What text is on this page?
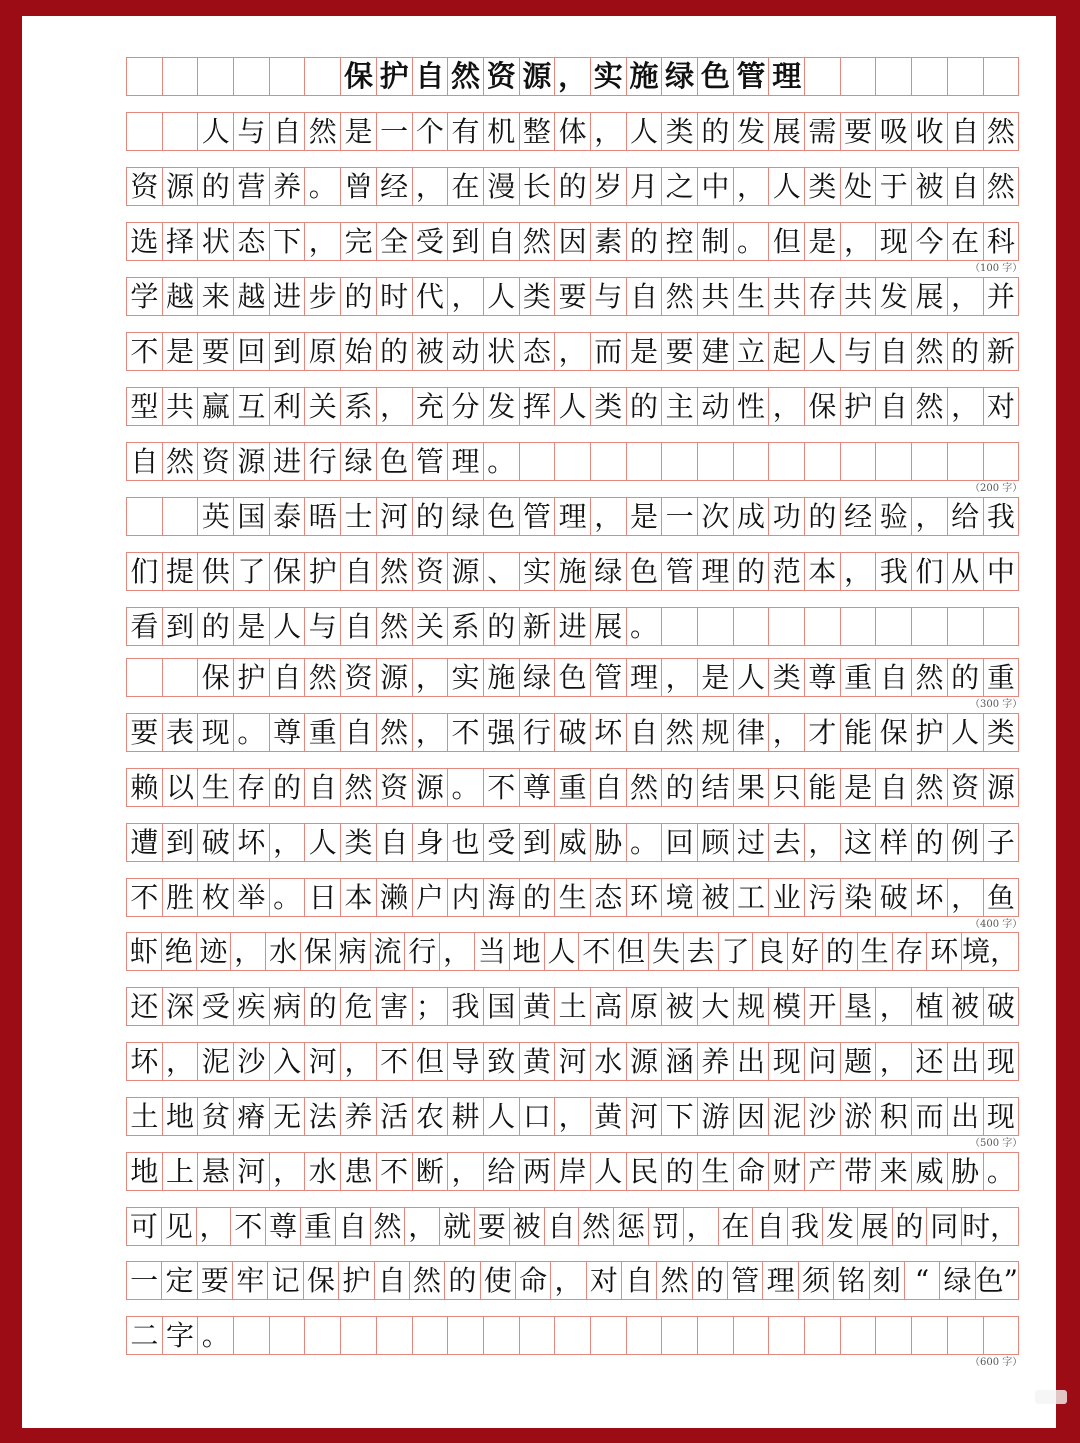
保 护 自 然 资 源 ， 实 施 绿 色 管 理
人 与 自 然 是 一 个 有 机 整 体 ， 人 类 的 发 展 需 要 吸 收 自 然
资 源 的 营 养 。 曾 经 ， 在 漫 长 的 岁 月 之 中 ， 人 类 处 于 被 自 然
选 择 状 态 下 ， 完 全 受 到 自 然 因 素 的 控 制 。 但 是 ， 现 今 在 科
学 越 来 越 进 步 的 时 代 ， 人 类 要 与 自 然 共 生 共 存 共 发 展 ， 并
不 是 要 回 到 原 始 的 被 动 状 态 ， 而 是 要 建 立 起 人 与 自 然 的 新
型 共 赢 互 利 关 系 ， 充 分 发 挥 人 类 的 主 动 性 ， 保 护 自 然 ， 对
自 然 资 源 进 行 绿 色 管 理 。
英 国 泰 晤 士 河 的 绿 色 管 理 ， 是 一 次 成 功 的 经 验 ， 给 我
们 提 供 了 保 护 自 然 资 源 、 实 施 绿 色 管 理 的 范 本 ， 我 们 从 中
看 到 的 是 人 与 自 然 关 系 的 新 进 展 。
保 护 自 然 资 源 ， 实 施 绿 色 管 理 ， 是 人 类 尊 重 自 然 的 重
要 表 现 。 尊 重 自 然 ， 不 强 行 破 坏 自 然 规 律 ， 才 能 保 护 人 类
赖 以 生 存 的 自 然 资 源 。 不 尊 重 自 然 的 结 果 只 能 是 自 然 资 源
遭 到 破 坏 ， 人 类 自 身 也 受 到 威 胁 。 回 顾 过 去 ， 这 样 的 例 子
不 胜 枚 举 。 日 本 濑 户 内 海 的 生 态 环 境 被 工 业 污 染 破 坏 ， 鱼
虾 绝 迹 ， 水 保 病 流 行 ， 当 地 人 不 但 失 去 了 良 好 的 生 存 环 境，
还 深 受 疾 病 的 危 害 ； 我 国 黄 土 高 原 被 大 规 模 开 垦 ， 植 被 破
坏 ， 泥 沙 入 河 ， 不 但 导 致 黄 河 水 源 涵 养 出 现 问 题 ， 还 出 现
土 地 贫 瘠 无 法 养 活 农 耕 人 口 ， 黄 河 下 游 因 泥 沙 淤 积 而 出 现
地 上 悬 河 ， 水 患 不 断 ， 给 两 岸 人 民 的 生 命 财 产 带 来 威 胁 。
可 见 ， 不 尊 重 自 然 ， 就 要 被 自 然 惩 罚 ， 在 自 我 发 展 的 同 时，
一 定 要 牢 记 保 护 自 然 的 使 命 ， 对 自 然 的 管 理 须 铭 刻 “ 绿 色”
二 字 。
（100 字）
（200 字）
（300 字）
（400 字）
（500 字）
（600 字）
